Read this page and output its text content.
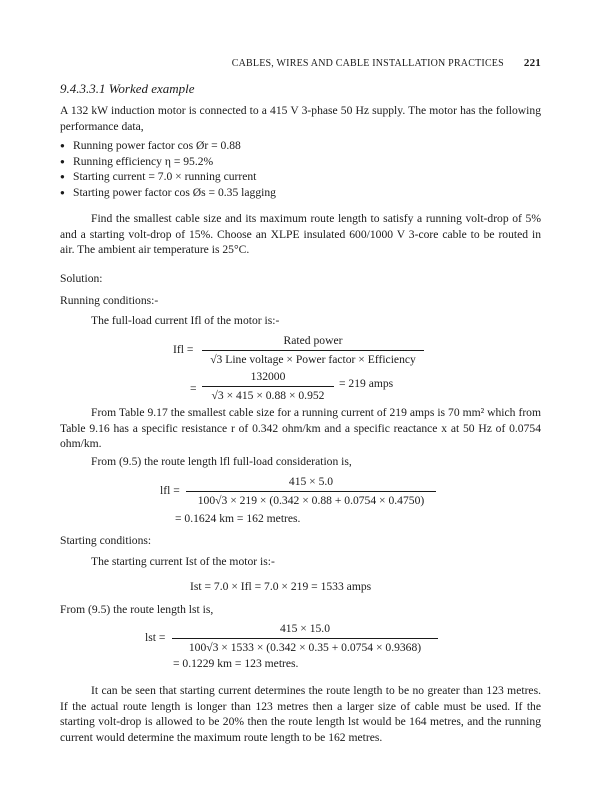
CABLES, WIRES AND CABLE INSTALLATION PRACTICES 221
9.4.3.3.1 Worked example
A 132 kW induction motor is connected to a 415 V 3-phase 50 Hz supply. The motor has the following performance data,
● Running power factor cos Ør = 0.88
● Running efficiency η = 95.2%
● Starting current = 7.0 × running current
● Starting power factor cos Øs = 0.35 lagging
Find the smallest cable size and its maximum route length to satisfy a running volt-drop of 5% and a starting volt-drop of 15%. Choose an XLPE insulated 600/1000 V 3-core cable to be routed in air. The ambient air temperature is 25°C.
Solution:
Running conditions:-
The full-load current Ifl of the motor is:-
Ifl =
Rated power
√3 Line voltage × Power factor × Efficiency
= $\frac{132000}{√3 \times 415 \times 0.88 \times 0.952} = 219$ amps
From Table 9.17 the smallest cable size for a running current of 219 amps is 70 mm² which from Table 9.16 has a specific resistance r of 0.342 ohm/km and a specific reactance x at 50 Hz of 0.0754 ohm/km.
From (9.5) the route length lfl full-load consideration is,
lfl = $\frac{415 \times 5.0}{100√3 \times 219 \times (0.342 \times 0.88 + 0.0754 \times 0.4750)}$
= 0.1624 km = 162 metres.
Starting conditions:
The starting current Ist of the motor is:-
Ist = 7.0 × Ifl = 7.0 × 219 = 1533 amps
From (9.5) the route length lst is,
lst = $\frac{415 \times 15.0}{100√3 \times 1533 \times (0.342 \times 0.35 + 0.0754 \times 0.9368)}$
= 0.1229 km = 123 metres.
It can be seen that starting current determines the route length to be no greater than 123 metres. If the actual route length is longer than 123 metres then a larger size of cable must be used. If the starting volt-drop is allowed to be 20% then the route length lst would be 164 metres, and the running current would determine the maximum route length to be 162 metres.
